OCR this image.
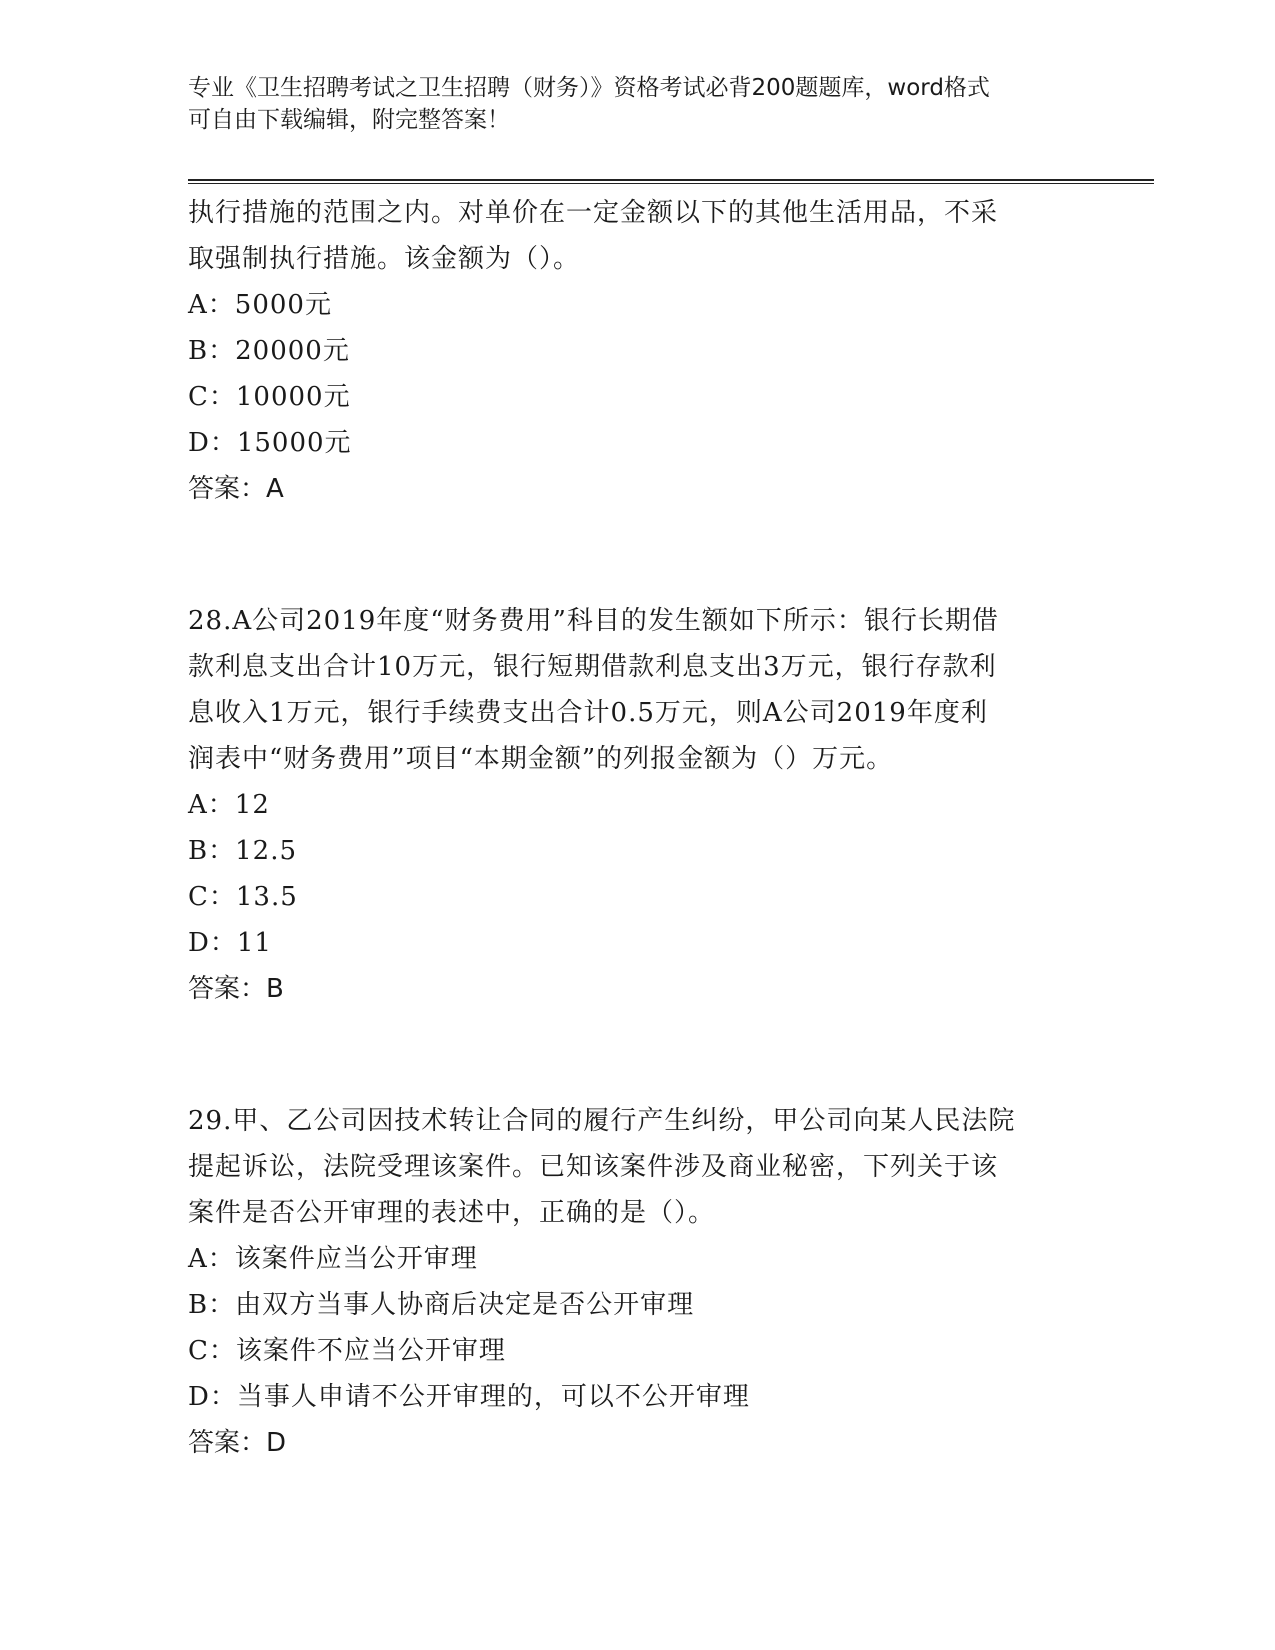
专业《卫生招聘考试之卫生招聘（财务）》资格考试必背200题题库，word格式
可自由下载编辑，附完整答案！
执行措施的范围之内。对单价在一定金额以下的其他生活用品，不采
取强制执行措施。该金额为（）。
A：5000元
B：20000元
C：10000元
D：15000元
答案：A
28.A公司2019年度“财务费用”科目的发生额如下所示：银行长期借
款利息支出合计10万元，银行短期借款利息支出3万元，银行存款利
息收入1万元，银行手续费支出合计0.5万元，则A公司2019年度利
润表中“财务费用”项目“本期金额”的列报金额为（）万元。
A：12
B：12.5
C：13.5
D：11
答案：B
29.甲、乙公司因技术转让合同的履行产生纠纷，甲公司向某人民法院
提起诉讼，法院受理该案件。已知该案件涉及商业秘密，下列关于该
案件是否公开审理的表述中，正确的是（）。
A：该案件应当公开审理
B：由双方当事人协商后决定是否公开审理
C：该案件不应当公开审理
D：当事人申请不公开审理的，可以不公开审理
答案：D
